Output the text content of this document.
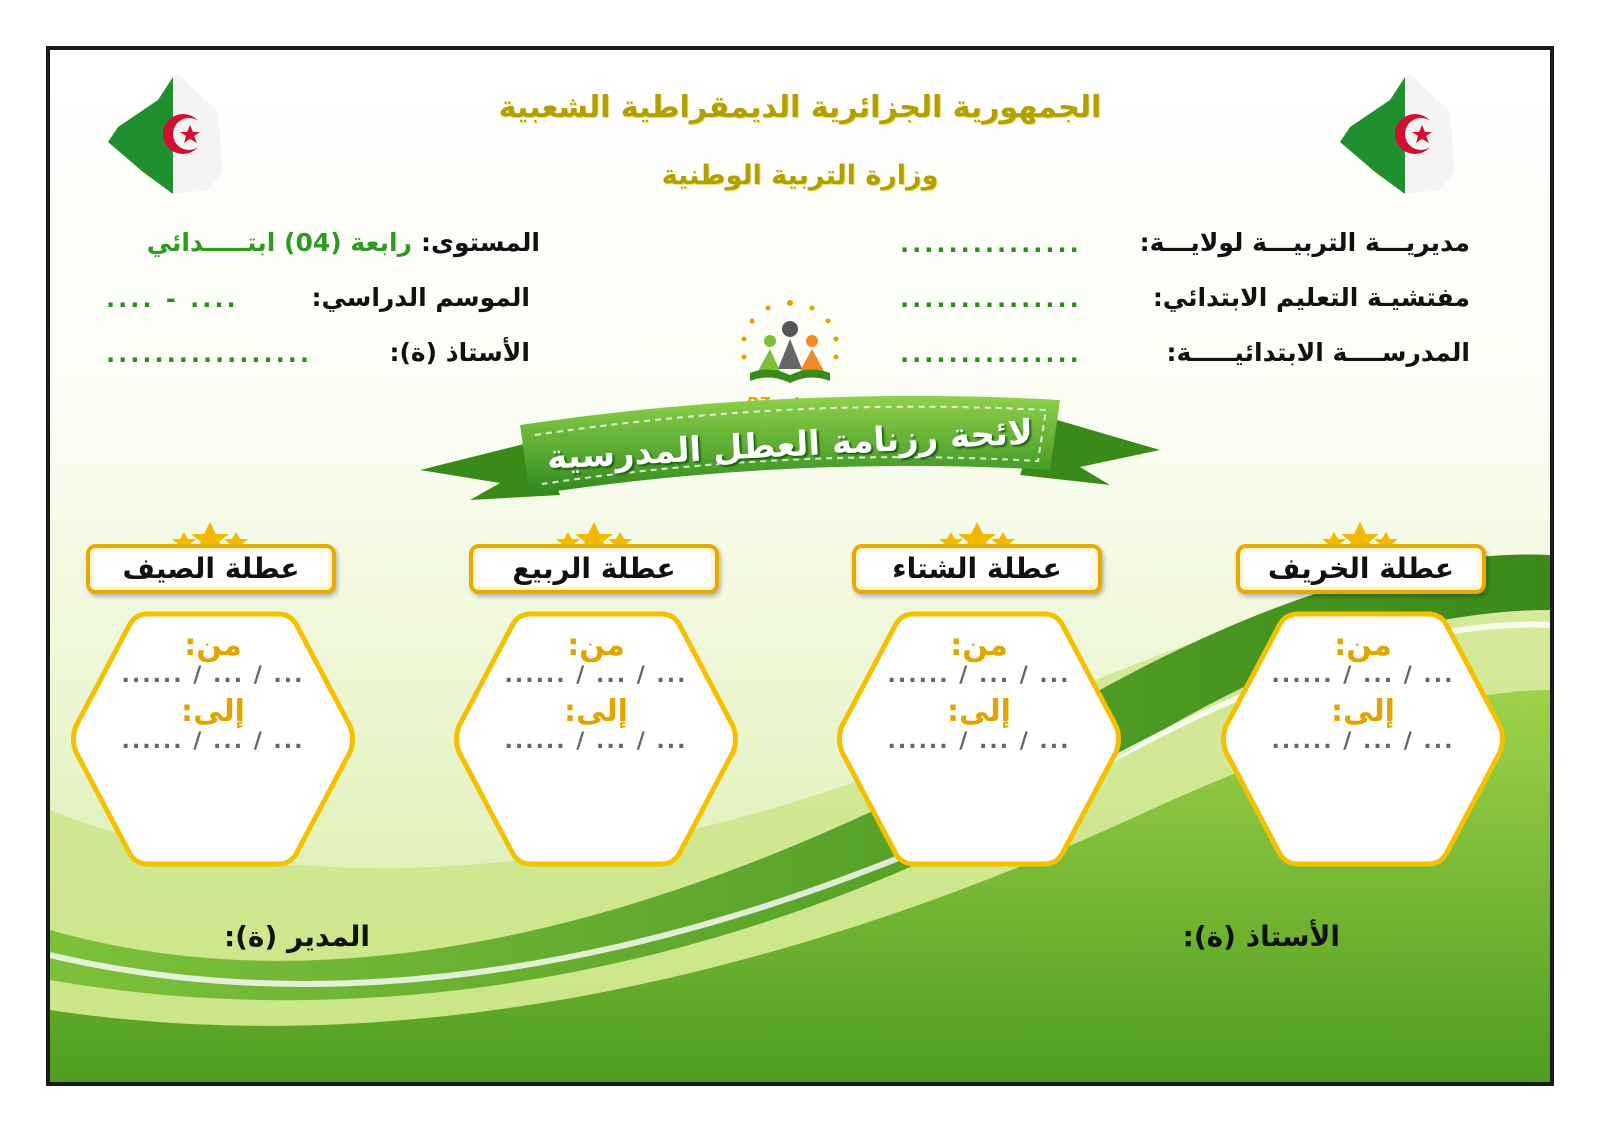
الجمهورية الجزائرية الديمقراطية الشعبية
وزارة التربية الوطنية
مديريـــة التربيـــة لولايـــة:
...............
مفتشيـة التعليم الابتدائي:
...............
المدرســــة الابتدائيـــــة:
...............
المستوى:
رابعة (04) ابتـــــدائي
الموسم الدراسي:
.... - ....
الأستاذ (ة):
.................
لائحة رزنامة العطل المدرسية
عطلة الخريف
من:
...... / ... / ...
إلى:
...... / ... / ...
عطلة الشتاء
من:
...... / ... / ...
إلى:
...... / ... / ...
عطلة الربيع
من:
...... / ... / ...
إلى:
...... / ... / ...
عطلة الصيف
من:
...... / ... / ...
إلى:
...... / ... / ...
الأستاذ (ة):
المدير (ة):
